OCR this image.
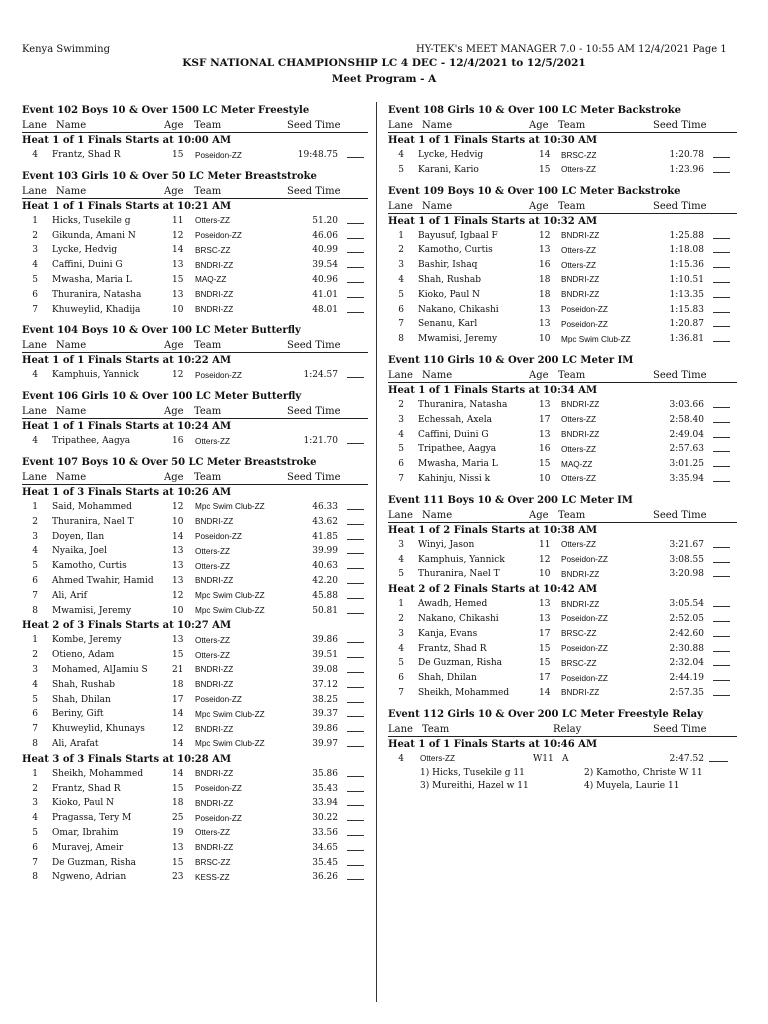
Kenya Swimming	HY-TEK's MEET MANAGER 7.0 - 10:55 AM 12/4/2021 Page 1
KSF NATIONAL CHAMPIONSHIP LC 4 DEC - 12/4/2021 to 12/5/2021
Meet Program - A
Event 102 Boys 10 & Over 1500 LC Meter Freestyle
Lane Name	Age Team	Seed Time
Heat 1 of 1 Finals Starts at 10:00 AM
4 Frantz, Shad R	15 Poseidon-ZZ	19:48.75
Event 103 Girls 10 & Over 50 LC Meter Breaststroke
Lane Name	Age Team	Seed Time
Heat 1 of 1 Finals Starts at 10:21 AM
1 Hicks, Tusekile g	11 Otters-ZZ	51.20
2 Gikunda, Amani N	12 Poseidon-ZZ	46.06
3 Lycke, Hedvig	14 BRSC-ZZ	40.99
4 Caffini, Duini G	13 BNDRI-ZZ	39.54
5 Mwasha, Maria L	15 MAQ-ZZ	40.96
6 Thuranira, Natasha	13 BNDRI-ZZ	41.01
7 Khuweylid, Khadija	10 BNDRI-ZZ	48.01
Event 104 Boys 10 & Over 100 LC Meter Butterfly
Lane Name	Age Team	Seed Time
Heat 1 of 1 Finals Starts at 10:22 AM
4 Kamphuis, Yannick	12 Poseidon-ZZ	1:24.57
Event 106 Girls 10 & Over 100 LC Meter Butterfly
Lane Name	Age Team	Seed Time
Heat 1 of 1 Finals Starts at 10:24 AM
4 Tripathee, Aagya	16 Otters-ZZ	1:21.70
Event 107 Boys 10 & Over 50 LC Meter Breaststroke
Lane Name	Age Team	Seed Time
Heat 1 of 3 Finals Starts at 10:26 AM
1 Said, Mohammed	12 Mpc Swim Club-ZZ	46.33
2 Thuranira, Nael T	10 BNDRI-ZZ	43.62
3 Doyen, Ilan	14 Poseidon-ZZ	41.85
4 Nyaika, Joel	13 Otters-ZZ	39.99
5 Kamotho, Curtis	13 Otters-ZZ	40.63
6 Ahmed Twahir, Hamid 13 BNDRI-ZZ	42.20
7 Ali, Arif	12 Mpc Swim Club-ZZ	45.88
8 Mwamisi, Jeremy	10 Mpc Swim Club-ZZ	50.81
Heat 2 of 3 Finals Starts at 10:27 AM
1 Kombe, Jeremy	13 Otters-ZZ	39.86
2 Otieno, Adam	15 Otters-ZZ	39.51
3 Mohamed, AlJamiu S	21 BNDRI-ZZ	39.08
4 Shah, Rushab	18 BNDRI-ZZ	37.12
5 Shah, Dhilan	17 Poseidon-ZZ	38.25
6 Beriny, Gift	14 Mpc Swim Club-ZZ	39.37
7 Khuweylid, Khunays	12 BNDRI-ZZ	39.86
8 Ali, Arafat	14 Mpc Swim Club-ZZ	39.97
Heat 3 of 3 Finals Starts at 10:28 AM
1 Sheikh, Mohammed	14 BNDRI-ZZ	35.86
2 Frantz, Shad R	15 Poseidon-ZZ	35.43
3 Kioko, Paul N	18 BNDRI-ZZ	33.94
4 Pragassa, Tery M	25 Poseidon-ZZ	30.22
5 Omar, Ibrahim	19 Otters-ZZ	33.56
6 Muravej, Ameir	13 BNDRI-ZZ	34.65
7 De Guzman, Risha	15 BRSC-ZZ	35.45
8 Ngweno, Adrian	23 KESS-ZZ	36.26
Event 108 Girls 10 & Over 100 LC Meter Backstroke
Lane Name	Age Team	Seed Time
Heat 1 of 1 Finals Starts at 10:30 AM
4 Lycke, Hedvig	14 BRSC-ZZ	1:20.78
5 Karani, Kario	15 Otters-ZZ	1:23.96
Event 109 Boys 10 & Over 100 LC Meter Backstroke
Lane Name	Age Team	Seed Time
Heat 1 of 1 Finals Starts at 10:32 AM
1 Bayusuf, Igbaal F	12 BNDRI-ZZ	1:25.88
2 Kamotho, Curtis	13 Otters-ZZ	1:18.08
3 Bashir, Ishaq	16 Otters-ZZ	1:15.36
4 Shah, Rushab	18 BNDRI-ZZ	1:10.51
5 Kioko, Paul N	18 BNDRI-ZZ	1:13.35
6 Nakano, Chikashi	13 Poseidon-ZZ	1:15.83
7 Senanu, Karl	13 Poseidon-ZZ	1:20.87
8 Mwamisi, Jeremy	10 Mpc Swim Club-ZZ	1:36.81
Event 110 Girls 10 & Over 200 LC Meter IM
Lane Name	Age Team	Seed Time
Heat 1 of 1 Finals Starts at 10:34 AM
2 Thuranira, Natasha	13 BNDRI-ZZ	3:03.66
3 Echessah, Axela	17 Otters-ZZ	2:58.40
4 Caffini, Duini G	13 BNDRI-ZZ	2:49.04
5 Tripathee, Aagya	16 Otters-ZZ	2:57.63
6 Mwasha, Maria L	15 MAQ-ZZ	3:01.25
7 Kahinju, Nissi k	10 Otters-ZZ	3:35.94
Event 111 Boys 10 & Over 200 LC Meter IM
Lane Name	Age Team	Seed Time
Heat 1 of 2 Finals Starts at 10:38 AM
3 Winyi, Jason	11 Otters-ZZ	3:21.67
4 Kamphuis, Yannick	12 Poseidon-ZZ	3:08.55
5 Thuranira, Nael T	10 BNDRI-ZZ	3:20.98
Heat 2 of 2 Finals Starts at 10:42 AM
1 Awadh, Hemed	13 BNDRI-ZZ	3:05.54
2 Nakano, Chikashi	13 Poseidon-ZZ	2:52.05
3 Kanja, Evans	17 BRSC-ZZ	2:42.60
4 Frantz, Shad R	15 Poseidon-ZZ	2:30.88
5 De Guzman, Risha	15 BRSC-ZZ	2:32.04
6 Shah, Dhilan	17 Poseidon-ZZ	2:44.19
7 Sheikh, Mohammed	14 BNDRI-ZZ	2:57.35
Event 112 Girls 10 & Over 200 LC Meter Freestyle Relay
Lane Team	Relay	Seed Time
Heat 1 of 1 Finals Starts at 10:46 AM
4 Otters-ZZ	W11 A	2:47.52
1) Hicks, Tusekile g 11	2) Kamotho, Christe W 11
3) Mureithi, Hazel w 11	4) Muyela, Laurie 11
